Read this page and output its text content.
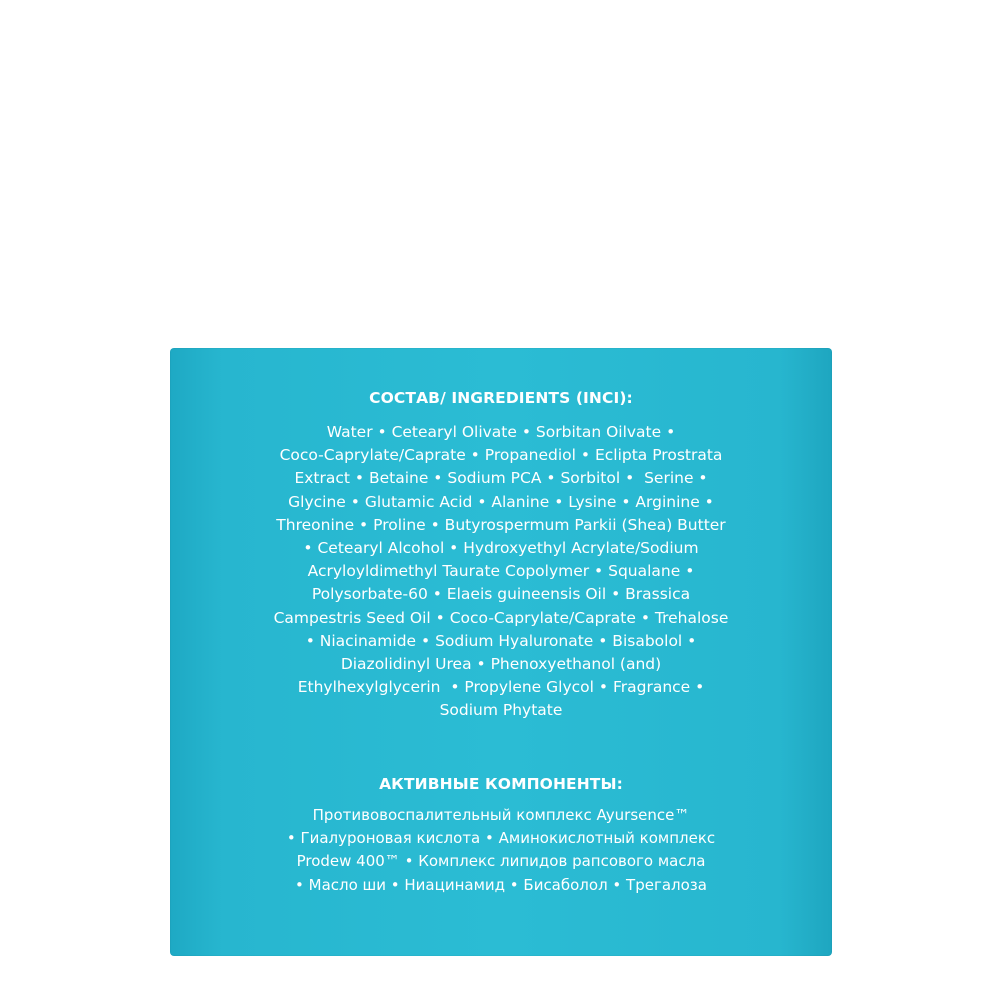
СОСТАВ/ INGREDIENTS (INCI):
Water • Cetearyl Olivate • Sorbitan Oilvate •
Coco-Caprylate/Caprate • Propanediol • Eclipta Prostrata
Extract • Betaine • Sodium PCA • Sorbitol •  Serine •
Glycine • Glutamic Acid • Alanine • Lysine • Arginine •
Threonine • Proline • Butyrospermum Parkii (Shea) Butter
• Cetearyl Alcohol • Hydroxyethyl Acrylate/Sodium
Acryloyldimethyl Taurate Copolymer • Squalane •
Polysorbate-60 • Elaeis guineensis Oil • Brassica
Campestris Seed Oil • Coco-Caprylate/Caprate • Trehalose
• Niacinamide • Sodium Hyaluronate • Bisabolol •
Diazolidinyl Urea • Phenoxyethanol (and)
Ethylhexylglycerin  • Propylene Glycol • Fragrance •
Sodium Phytate
АКТИВНЫЕ КОМПОНЕНТЫ:
Противовоспалительный комплекс Ayursence™
• Гиалуроновая кислота • Аминокислотный комплекс
Prodew 400™ • Комплекс липидов рапсового масла
• Масло ши • Ниацинамид • Бисаболол • Трегалоза
